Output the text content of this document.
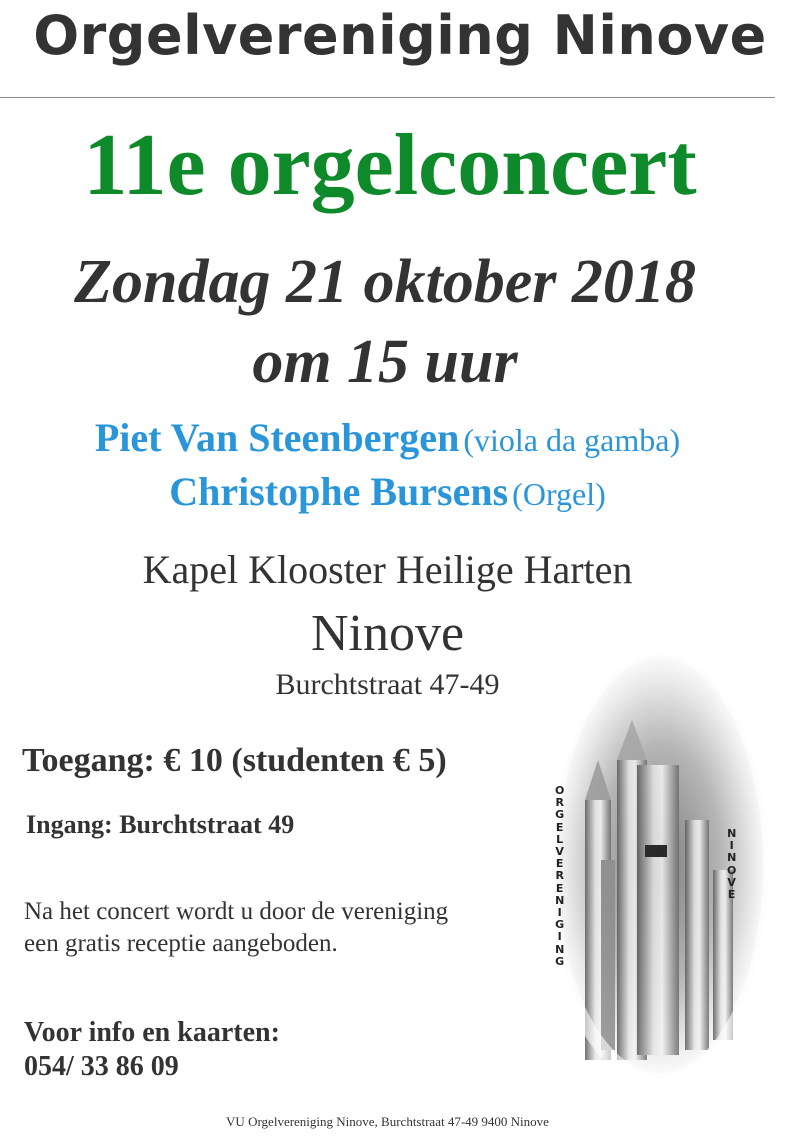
Orgelvereniging Ninove
11e orgelconcert
Zondag 21 oktober 2018
om 15 uur
Piet Van Steenbergen (viola da gamba)
Christophe Bursens (Orgel)
Kapel Klooster Heilige Harten
Ninove
Burchtstraat 47-49
O
R
G
E
L
V
E
R
E
N
I
G
I
N
G
N
I
N
O
V
E
Toegang: € 10 (studenten € 5)
Ingang: Burchtstraat 49
Na het concert wordt u door de vereniging
een gratis receptie aangeboden.
Voor info en kaarten:
054/ 33 86 09
VU Orgelvereniging Ninove, Burchtstraat 47-49 9400 Ninove
